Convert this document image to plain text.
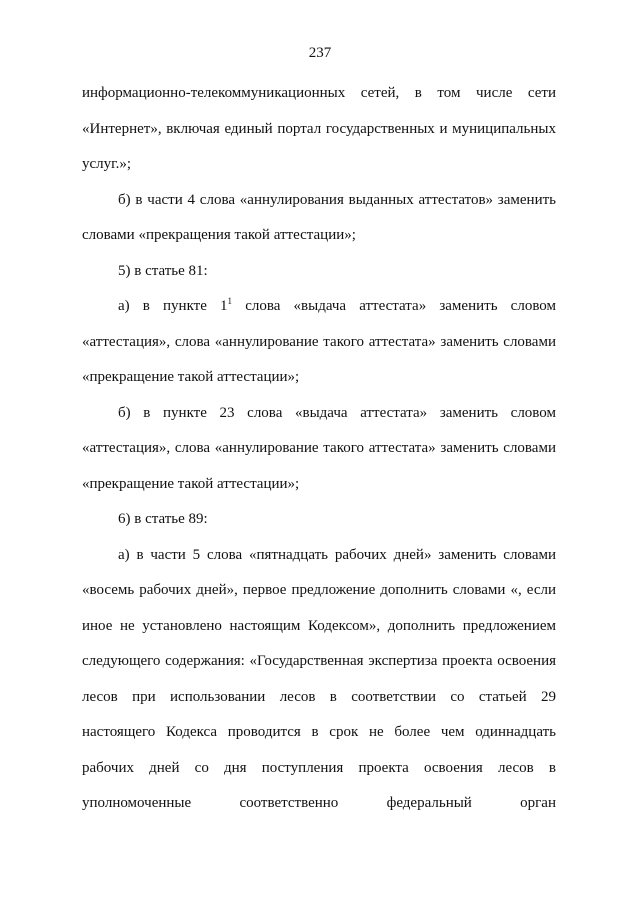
237
информационно-телекоммуникационных сетей, в том числе сети
«Интернет», включая единый портал государственных и муниципальных
услуг.»;
б) в части 4 слова «аннулирования выданных аттестатов» заменить
словами «прекращения такой аттестации»;
5) в статье 81:
а) в пункте $1^1$ слова «выдача аттестата» заменить словом
«аттестация», слова «аннулирование такого аттестата» заменить словами
«прекращение такой аттестации»;
б) в пункте 23 слова «выдача аттестата» заменить словом
«аттестация», слова «аннулирование такого аттестата» заменить словами
«прекращение такой аттестации»;
6) в статье 89:
а) в части 5 слова «пятнадцать рабочих дней» заменить словами
«восемь рабочих дней», первое предложение дополнить словами «, если
иное не установлено настоящим Кодексом», дополнить предложением
следующего содержания: «Государственная экспертиза проекта освоения
лесов при использовании лесов в соответствии со статьей 29
настоящего Кодекса проводится в срок не более чем одиннадцать
рабочих дней со дня поступления проекта освоения лесов в
уполномоченные соответственно федеральный орган
